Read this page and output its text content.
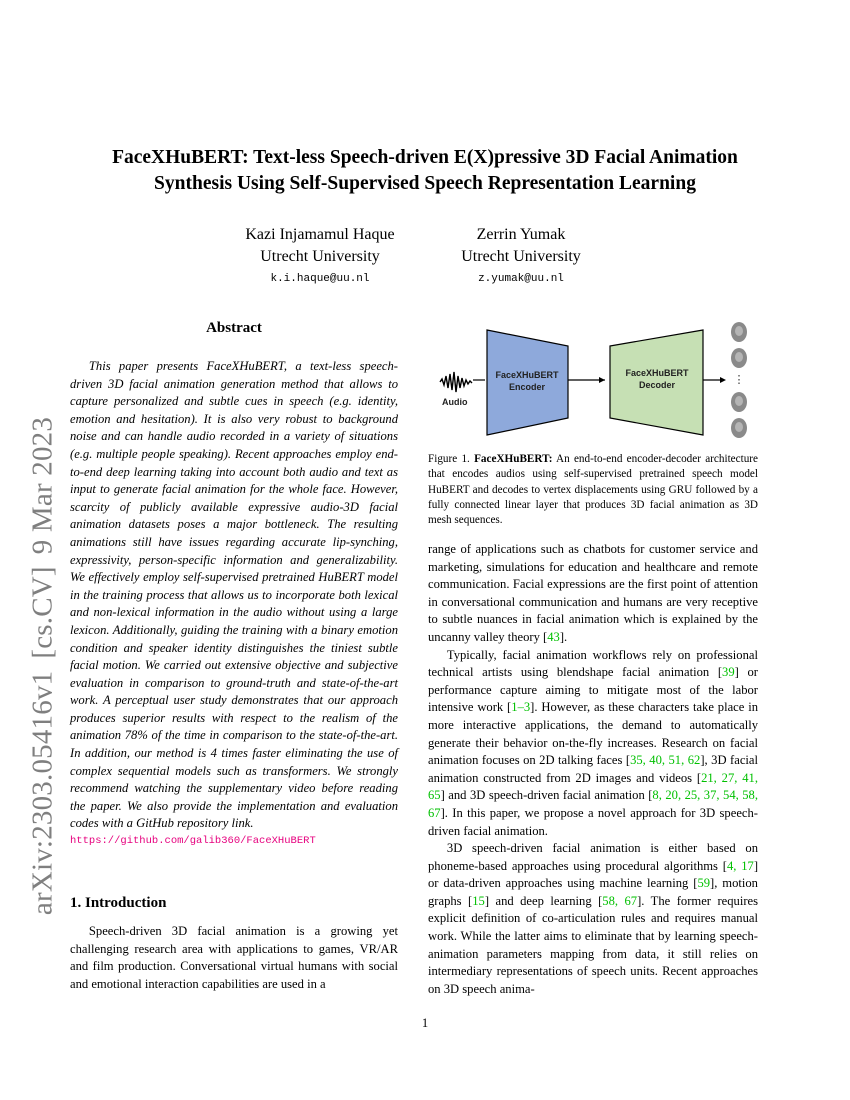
arXiv:2303.05416v1[cs.CV]9 Mar 2023
FaceXHuBERT: Text-less Speech-driven E(X)pressive 3D Facial Animation
Synthesis Using Self-Supervised Speech Representation Learning
Kazi Injamamul Haque
Utrecht University
k.i.haque@uu.nl
Zerrin Yumak
Utrecht University
z.yumak@uu.nl
Abstract

This paper presents FaceXHuBERT, a text-less speech-driven 3D facial animation generation method that allows to capture personalized and subtle cues in speech (e.g. identity, emotion and hesitation). It is also very robust to background noise and can handle audio recorded in a variety of situations (e.g. multiple people speaking). Recent approaches employ end-to-end deep learning taking into account both audio and text as input to generate facial animation for the whole face. However, scarcity of publicly available expressive audio-3D facial animation datasets poses a major bottleneck. The resulting animations still have issues regarding accurate lip-synching, expressivity, person-specific information and generalizability. We effectively employ self-supervised pretrained HuBERT model in the training process that allows us to incorporate both lexical and non-lexical information in the audio without using a large lexicon. Additionally, guiding the training with a binary emotion condition and speaker identity distinguishes the tiniest subtle facial motion. We carried out extensive objective and subjective evaluation in comparison to ground-truth and state-of-the-art work. A perceptual user study demonstrates that our approach produces superior results with respect to the realism of the animation 78% of the time in comparison to the state-of-the-art. In addition, our method is 4 times faster eliminating the use of complex sequential models such as transformers. We strongly recommend watching the supplementary video before reading the paper. We also provide the implementation and evaluation codes with a GitHub repository link.

https://github.com/galib360/FaceXHuBERT
1. Introduction

Speech-driven 3D facial animation is a growing yet challenging research area with applications to games, VR/AR and film production. Conversational virtual humans with social and emotional interaction capabilities are used in a

Audio
FaceXHuBERT
Encoder
FaceXHuBERT
Decoder	⋮
Figure 1. FaceXHuBERT: An end-to-end encoder-decoder architecture that encodes audios using self-supervised pretrained speech model HuBERT and decodes to vertex displacements using GRU followed by a fully connected linear layer that produces 3D facial animation as 3D mesh sequences.

range of applications such as chatbots for customer service and marketing, simulations for education and healthcare and remote communication. Facial expressions are the first point of attention in conversational communication and humans are very receptive to subtle nuances in facial animation which is explained by the uncanny valley theory [43].

Typically, facial animation workflows rely on professional technical artists using blendshape facial animation [39] or performance capture aiming to mitigate most of the labor intensive work [1–3]. However, as these characters take place in more interactive applications, the demand to automatically generate their behavior on-the-fly increases. Research on facial animation focuses on 2D talking faces [35, 40, 51, 62], 3D facial animation constructed from 2D images and videos [21, 27, 41, 65] and 3D speech-driven facial animation [8, 20, 25, 37, 54, 58, 67]. In this paper, we propose a novel approach for 3D speech-driven facial animation.

3D speech-driven facial animation is either based on phoneme-based approaches using procedural algorithms [4, 17] or data-driven approaches using machine learning [59], motion graphs [15] and deep learning [58, 67]. The former requires explicit definition of co-articulation rules and requires manual work. While the latter aims to eliminate that by learning speech-animation parameters mapping from data, it still relies on intermediary representations of speech units. Recent approaches on 3D speech anima-

1
